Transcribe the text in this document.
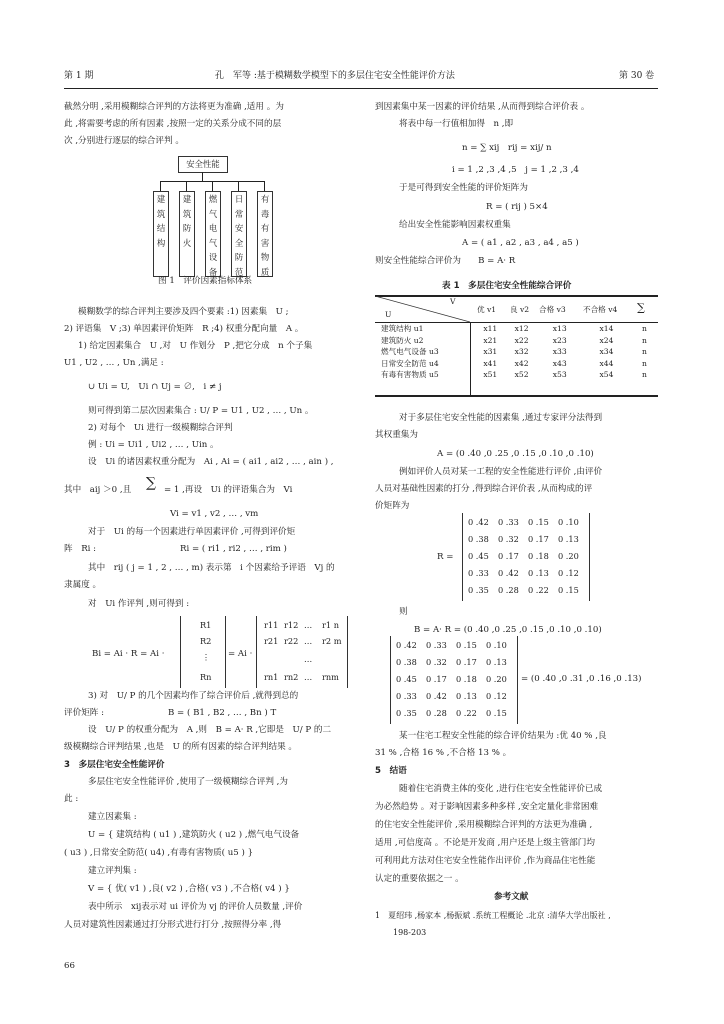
第 1 期	孔　军等 :基于模糊数学模型下的多层住宅安全性能评价方法	第 30 卷
截然分明 ,采用模糊综合评判的方法将更为准确 ,适用 。为
此 ,将需要考虑的所有因素 ,按照一定的关系分成不同的层
次 ,分别进行逐层的综合评判 。
安全性能
建筑结构
建筑防火
燃气电气设备
日常安全防范
有毒有害物质
图 1　评价因素指标体系
模糊数学的综合评判主要涉及四个要素 :1) 因素集　U ;
2) 评语集　V ;3) 单因素评价矩阵　R ;4) 权重分配向量　A 。
1) 给定因素集合　U ,对　U 作划分　P ,把它分成　n 个子集
U1 , U2 , … , Un ,满足 :
∪ Ui = U,　Ui ∩ Uj = ∅,　i ≠ j
则可得到第二层次因素集合 : U/ P = U1 , U2 , … , Un 。
2) 对每个　Ui 进行一级模糊综合评判
例 : Ui = Ui1 , Ui2 , … , Uin 。
设　Ui 的诸因素权重分配为　Ai , Ai = ( ai1 , ai2 , … , ain ) ,
其中　aij ＞0 ,且 ∑ = 1 ,再设　Ui 的评语集合为　Vi
Vi = v1 , v2 , … , vm
对于　Ui 的每一个因素进行单因素评价 ,可得到评价矩
阵　Ri :	Ri = ( ri1 , ri2 , … , rim )
其中　rij ( j = 1 , 2 , … , m) 表示第　i 个因素给予评语　Vj 的
隶属度 。
对　Ui 作评判 ,则可得到 :
Bi = Ai · R = Ai ·
R1
R2
⋮
Rn
= Ai ·
r11 r12 … r1 n
r21 r22 … r2 m
…
rn1 rn2 … rnm
3) 对　U/ P 的几个因素均作了综合评价后 ,就得到总的
评价矩阵 :	B = ( B1 , B2 , … , Bn ) T
设　U/ P 的权重分配为　A ,则　B = A· R ,它即是　U/ P 的二
级模糊综合评判结果 ,也是　U 的所有因素的综合评判结果 。
3　多层住宅安全性能评价
多层住宅安全性能评价 ,使用了一级模糊综合评判 ,为
此 :
建立因素集 :
U = { 建筑结构 ( u1 ) ,建筑防火 ( u2 ) ,燃气电气设备
( u3 ) ,日常安全防范( u4) ,有毒有害物质( u5 ) }
建立评判集 :
V = { 优( v1 ) ,良( v2 ) ,合格( v3 ) ,不合格( v4 ) }
表中所示　xij表示对 ui 评价为 vj 的评价人员数量 ,评价
人员对建筑性因素通过打分形式进行打分 ,按照得分率 ,得
到因素集中某一因素的评价结果 ,从而得到综合评价表 。
将表中每一行值相加得　n ,即
n = ∑ xij　rij = xij/ n
i = 1 ,2 ,3 ,4 ,5　j = 1 ,2 ,3 ,4
于是可得到安全性能的评价矩阵为
R = ( rij ) 5×4
给出安全性能影响因素权重集
A = ( a1 , a2 , a3 , a4 , a5 )
则安全性能综合评价为　　B = A· R
表 1　多层住宅安全性能综合评价
V
U
优 v1 良 v2 合格 v3 不合格 v4 ∑
建筑结构 u1	x11	x12	x13	x14	n
建筑防火 u2	x21	x22	x23	x24	n
燃气电气设备 u3	x31	x32	x33	x34	n
日常安全防范 u4	x41	x42	x43	x44	n
有毒有害物质 u5	x51	x52	x53	x54	n
对于多层住宅安全性能的因素集 ,通过专家评分法得到
其权重集为
A = (0 .40 ,0 .25 ,0 .15 ,0 .10 ,0 .10)
例如评价人员对某一工程的安全性能进行评价 ,由评价
人员对基础性因素的打分 ,得到综合评价表 ,从而构成的评
价矩阵为
R =
0 .42 0 .33 0 .15 0 .10
0 .38 0 .32 0 .17 0 .13
0 .45 0 .17 0 .18 0 .20
0 .33 0 .42 0 .13 0 .12
0 .35 0 .28 0 .22 0 .15
则
B = A· R = (0 .40 ,0 .25 ,0 .15 ,0 .10 ,0 .10)
0 .42 0 .33 0 .15 0 .10
0 .38 0 .32 0 .17 0 .13
0 .45 0 .17 0 .18 0 .20
0 .33 0 .42 0 .13 0 .12
0 .35 0 .28 0 .22 0 .15
= (0 .40 ,0 .31 ,0 .16 ,0 .13)
某一住宅工程安全性能的综合评价结果为 :优 40 % ,良
31 % ,合格 16 % ,不合格 13 % 。
5　结语
随着住宅消费主体的变化 ,进行住宅安全性能评价已成
为必然趋势 。对于影响因素多种多样 ,安全定量化非常困难
的住宅安全性能评价 ,采用模糊综合评判的方法更为准确 ,
适用 ,可信度高 。不论是开发商 ,用户还是上级主管部门均
可利用此方法对住宅安全性能作出评价 ,作为商品住宅性能
认定的重要依据之一 。
参考文献
1　夏绍玮 ,杨家本 ,杨振斌 .系统工程概论 .北京 :清华大学出版社 ,
198-203
66
